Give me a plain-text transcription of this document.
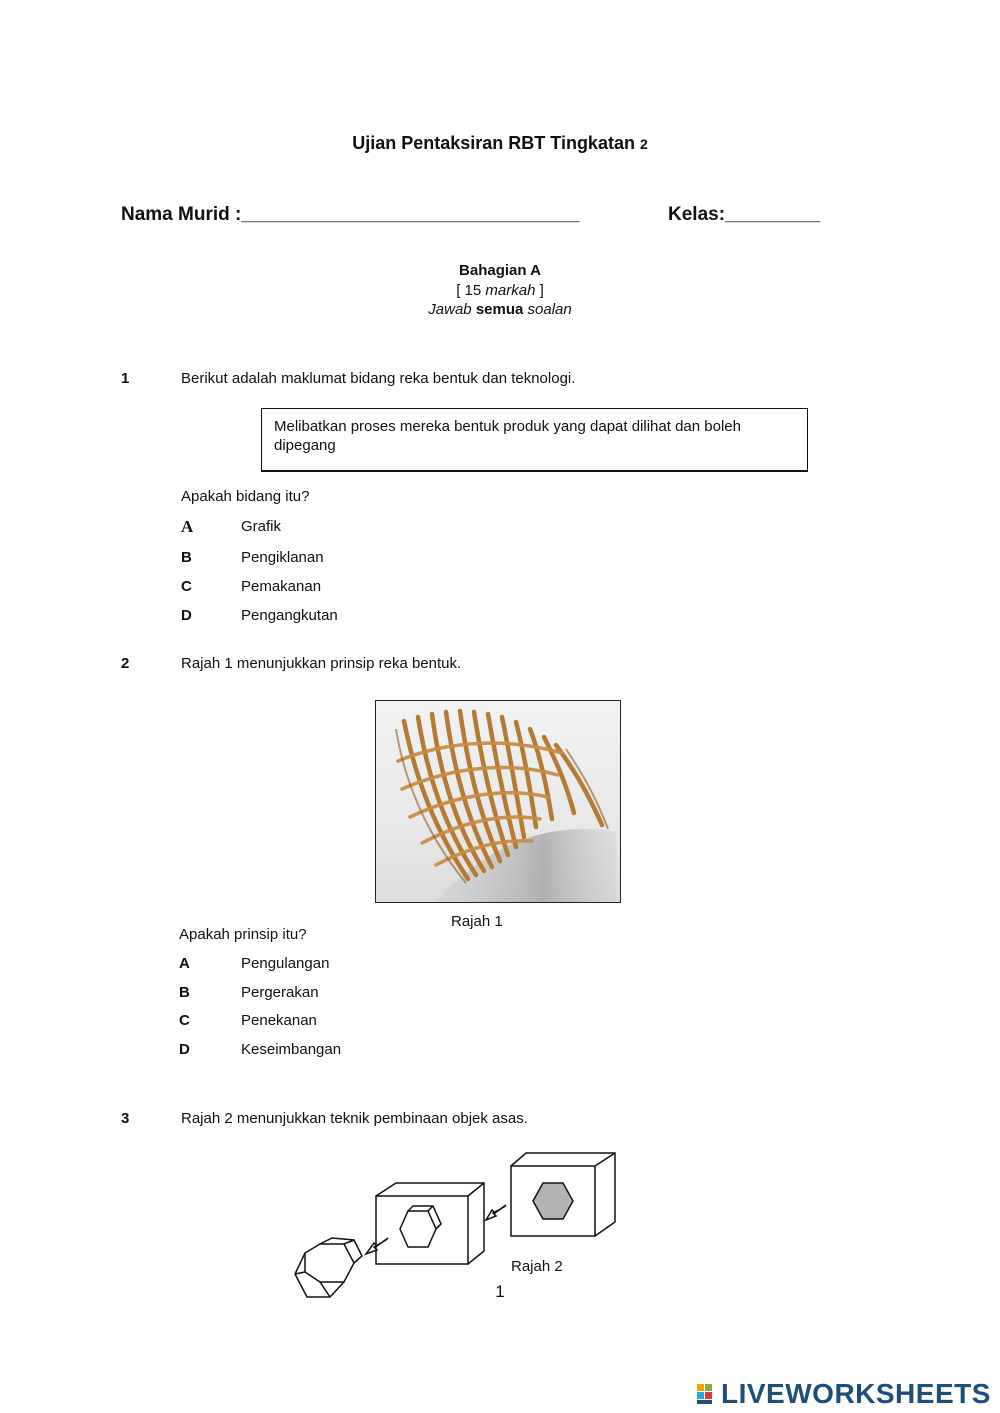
Ujian Pentaksiran RBT Tingkatan 2
Nama Murid :________________________________	Kelas:_________
Bahagian A
[ 15 markah ]
Jawab semua soalan
1	Berikut adalah maklumat bidang reka bentuk dan teknologi.
Melibatkan proses mereka bentuk produk yang dapat dilihat dan boleh dipegang
Apakah bidang itu?
A	Grafik
B	Pengiklanan
C	Pemakanan
D	Pengangkutan
2	Rajah 1 menunjukkan prinsip reka bentuk.
Rajah 1
Apakah prinsip itu?
A	Pengulangan
B	Pergerakan
C	Penekanan
D	Keseimbangan
3	Rajah 2 menunjukkan teknik pembinaan objek asas.
Rajah 2
1
LIVEWORKSHEETS
